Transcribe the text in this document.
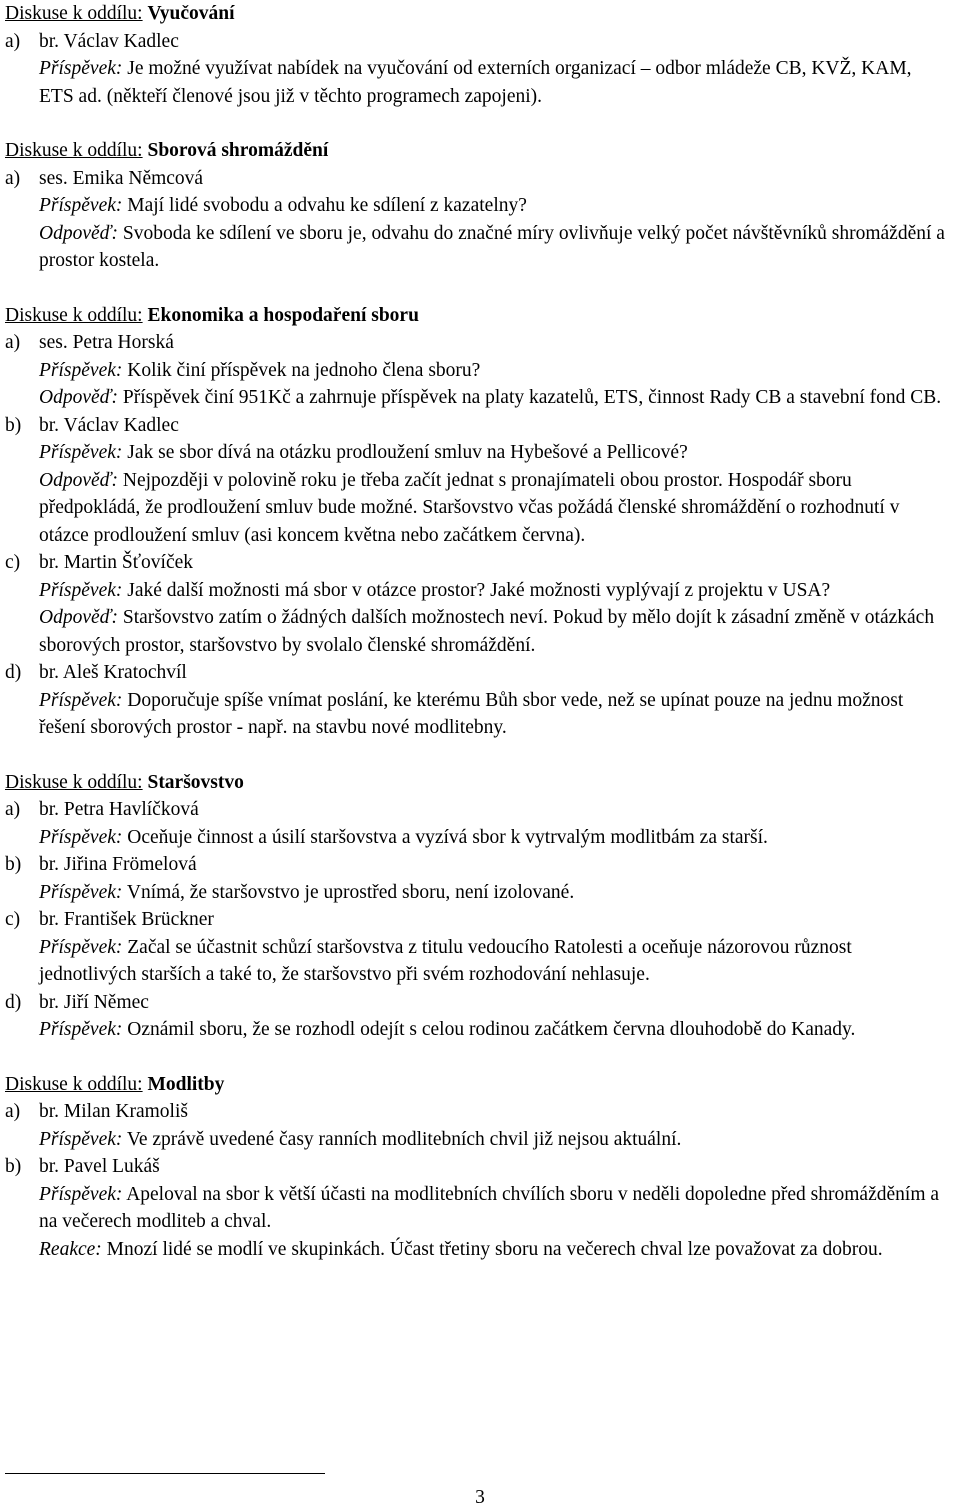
Diskuse k oddílu: Vyučování
a) br. Václav Kadlec
Příspěvek: Je možné využívat nabídek na vyučování od externích organizací – odbor mládeže CB, KVŽ, KAM, ETS ad. (někteří členové jsou již v těchto programech zapojeni).
Diskuse k oddílu: Sborová shromáždění
a) ses. Emika Němcová
Příspěvek: Mají lidé svobodu a odvahu ke sdílení z kazatelny?
Odpověď: Svoboda ke sdílení ve sboru je, odvahu do značné míry ovlivňuje velký počet návštěvníků shromáždění a prostor kostela.
Diskuse k oddílu: Ekonomika a hospodaření sboru
a) ses. Petra Horská
Příspěvek: Kolik činí příspěvek na jednoho člena sboru?
Odpověď: Příspěvek činí 951Kč a zahrnuje příspěvek na platy kazatelů, ETS, činnost Rady CB a stavební fond CB.
b) br. Václav Kadlec
Příspěvek: Jak se sbor dívá na otázku prodloužení smluv na Hybešové a Pellicové?
Odpověď: Nejpozději v polovině roku je třeba začít jednat s pronajímateli obou prostor. Hospodář sboru předpokládá, že prodloužení smluv bude možné. Staršovstvo včas požádá členské shromáždění o rozhodnutí v otázce prodloužení smluv (asi koncem května nebo začátkem června).
c) br. Martin Šťovíček
Příspěvek: Jaké další možnosti má sbor v otázce prostor? Jaké možnosti vyplývají z projektu v USA?
Odpověď: Staršovstvo zatím o žádných dalších možnostech neví. Pokud by mělo dojít k zásadní změně v otázkách sborových prostor, staršovstvo by svolalo členské shromáždění.
d) br. Aleš Kratochvíl
Příspěvek: Doporučuje spíše vnímat poslání, ke kterému Bůh sbor vede, než se upínat pouze na jednu možnost řešení sborových prostor - např. na stavbu nové modlitebny.
Diskuse k oddílu: Staršovstvo
a) br. Petra Havlíčková
Příspěvek: Oceňuje činnost a úsilí staršovstva a vyzívá sbor k vytrvalým modlitbám za starší.
b) br. Jiřina Frömelová
Příspěvek: Vnímá, že staršovstvo je uprostřed sboru, není izolované.
c) br. František Brückner
Příspěvek: Začal se účastnit schůzí staršovstva z titulu vedoucího Ratolesti a oceňuje názorovou různost jednotlivých starších a také to, že staršovstvo při svém rozhodování nehlasuje.
d) br. Jiří Němec
Příspěvek: Oznámil sboru, že se rozhodl odejít s celou rodinou začátkem června dlouhodobě do Kanady.
Diskuse k oddílu: Modlitby
a) br. Milan Kramoliš
Příspěvek: Ve zprávě uvedené časy ranních modlitebních chvil již nejsou aktuální.
b) br. Pavel Lukáš
Příspěvek: Apeloval na sbor k větší účasti na modlitebních chvílích sboru v neděli dopoledne před shromážděním a na večerech modliteb a chval.
Reakce: Mnozí lidé se modlí ve skupinkách. Účast třetiny sboru na večerech chval lze považovat za dobrou.
3
